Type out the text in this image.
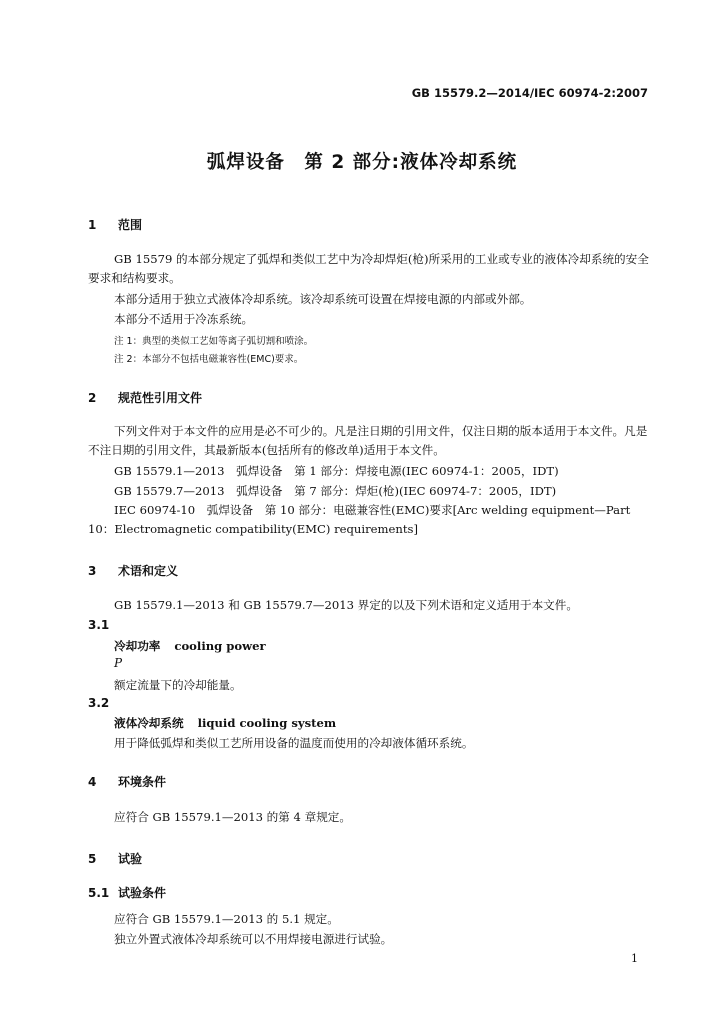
GB 15579.2—2014/IEC 60974-2:2007
弧焊设备　第 2 部分:液体冷却系统
1 范围
GB 15579 的本部分规定了弧焊和类似工艺中为冷却焊炬(枪)所采用的工业或专业的液体冷却系统的安全要求和结构要求。
本部分适用于独立式液体冷却系统。该冷却系统可设置在焊接电源的内部或外部。
本部分不适用于冷冻系统。
注 1：典型的类似工艺如等离子弧切割和喷涂。
注 2：本部分不包括电磁兼容性(EMC)要求。
2 规范性引用文件
下列文件对于本文件的应用是必不可少的。凡是注日期的引用文件，仅注日期的版本适用于本文件。凡是不注日期的引用文件，其最新版本(包括所有的修改单)适用于本文件。
GB 15579.1—2013　弧焊设备　第 1 部分：焊接电源(IEC 60974-1：2005，IDT)
GB 15579.7—2013　弧焊设备　第 7 部分：焊炬(枪)(IEC 60974-7：2005，IDT)
IEC 60974-10　弧焊设备　第 10 部分：电磁兼容性(EMC)要求[Arc welding equipment—Part 10：Electromagnetic compatibility(EMC) requirements]
3 术语和定义
GB 15579.1—2013 和 GB 15579.7—2013 界定的以及下列术语和定义适用于本文件。
3.1
冷却功率 cooling power
P
额定流量下的冷却能量。
3.2
液体冷却系统 liquid cooling system
用于降低弧焊和类似工艺所用设备的温度而使用的冷却液体循环系统。
4 环境条件
应符合 GB 15579.1—2013 的第 4 章规定。
5 试验
5.1 试验条件
应符合 GB 15579.1—2013 的 5.1 规定。
独立外置式液体冷却系统可以不用焊接电源进行试验。
1
